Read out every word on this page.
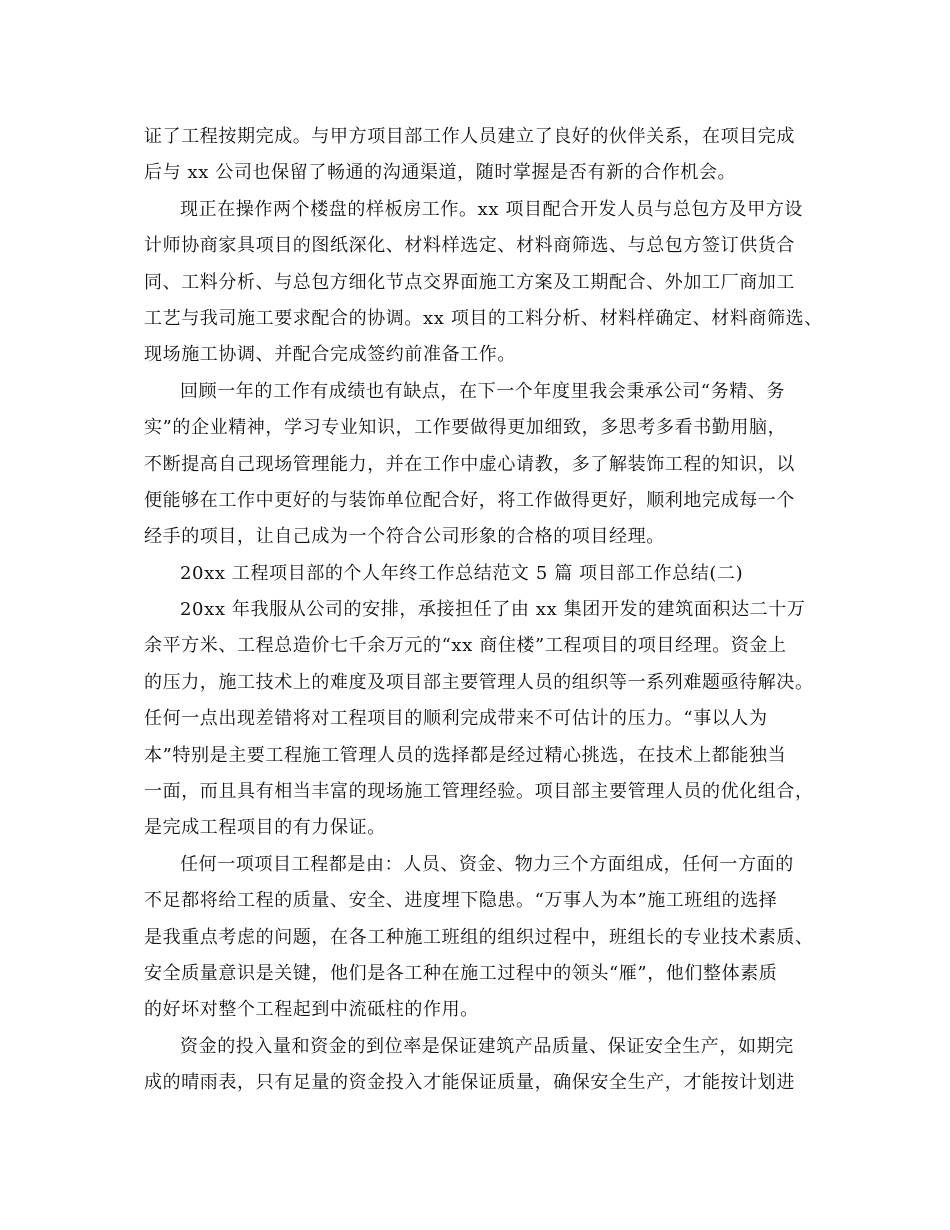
证了工程按期完成。与甲方项目部工作人员建立了良好的伙伴关系，在项目完成
后与 xx 公司也保留了畅通的沟通渠道，随时掌握是否有新的合作机会。
现正在操作两个楼盘的样板房工作。xx 项目配合开发人员与总包方及甲方设
计师协商家具项目的图纸深化、材料样选定、材料商筛选、与总包方签订供货合
同、工料分析、与总包方细化节点交界面施工方案及工期配合、外加工厂商加工
工艺与我司施工要求配合的协调。xx 项目的工料分析、材料样确定、材料商筛选、
现场施工协调、并配合完成签约前准备工作。
回顾一年的工作有成绩也有缺点，在下一个年度里我会秉承公司“务精、务
实”的企业精神，学习专业知识，工作要做得更加细致，多思考多看书勤用脑，
不断提高自己现场管理能力，并在工作中虚心请教，多了解装饰工程的知识，以
便能够在工作中更好的与装饰单位配合好，将工作做得更好，顺利地完成每一个
经手的项目，让自己成为一个符合公司形象的合格的项目经理。
20xx 工程项目部的个人年终工作总结范文 5 篇 项目部工作总结(二)
20xx 年我服从公司的安排，承接担任了由 xx 集团开发的建筑面积达二十万
余平方米、工程总造价七千余万元的“xx 商住楼”工程项目的项目经理。资金上
的压力，施工技术上的难度及项目部主要管理人员的组织等一系列难题亟待解决。
任何一点出现差错将对工程项目的顺利完成带来不可估计的压力。“事以人为
本”特别是主要工程施工管理人员的选择都是经过精心挑选，在技术上都能独当
一面，而且具有相当丰富的现场施工管理经验。项目部主要管理人员的优化组合，
是完成工程项目的有力保证。
任何一项项目工程都是由：人员、资金、物力三个方面组成，任何一方面的
不足都将给工程的质量、安全、进度埋下隐患。“万事人为本”施工班组的选择
是我重点考虑的问题，在各工种施工班组的组织过程中，班组长的专业技术素质、
安全质量意识是关键，他们是各工种在施工过程中的领头“雁”，他们整体素质
的好坏对整个工程起到中流砥柱的作用。
资金的投入量和资金的到位率是保证建筑产品质量、保证安全生产，如期完
成的晴雨表，只有足量的资金投入才能保证质量，确保安全生产，才能按计划进
